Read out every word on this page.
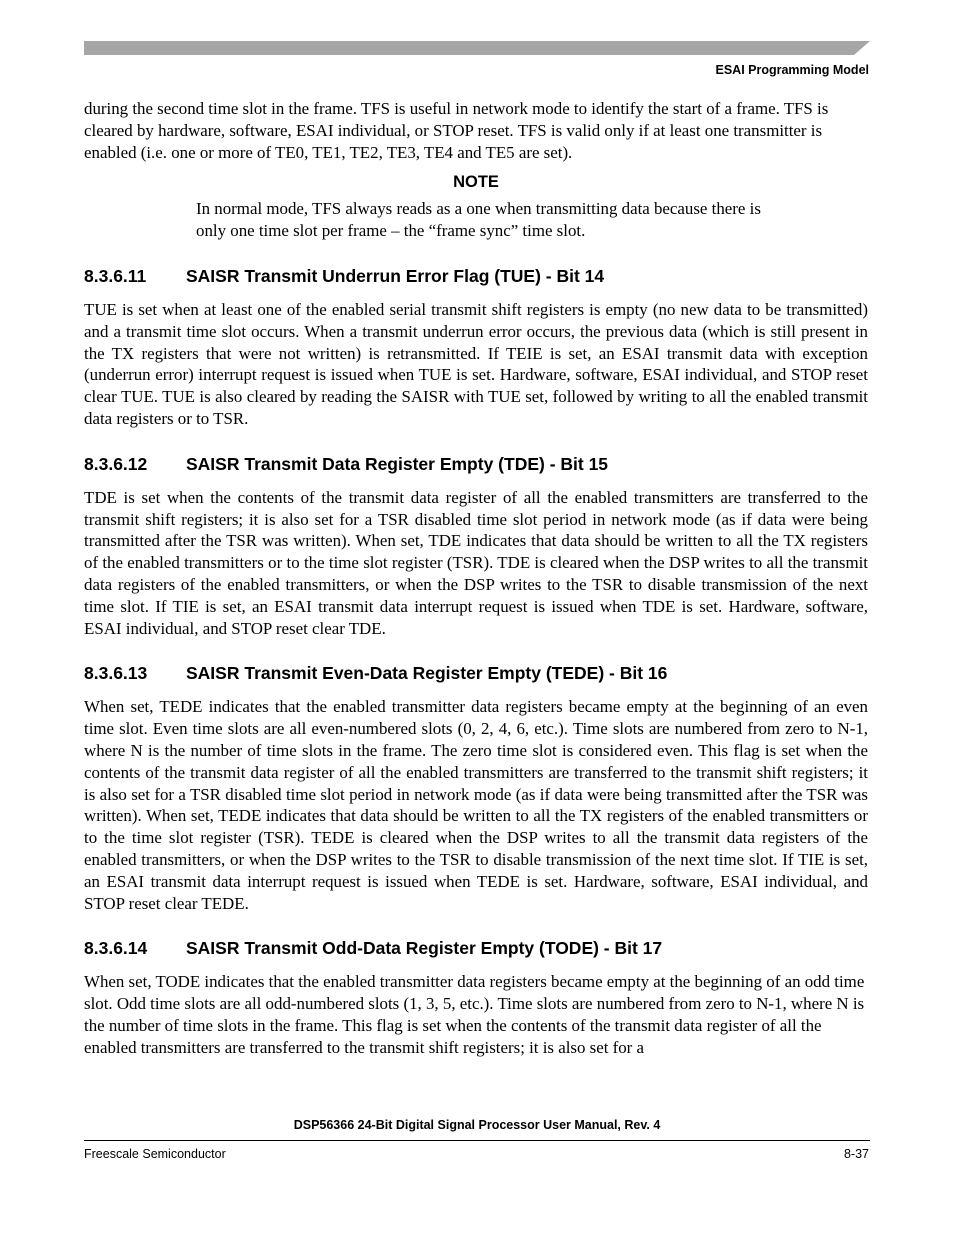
ESAI Programming Model

during the second time slot in the frame. TFS is useful in network mode to identify the start of a frame. TFS is cleared by hardware, software, ESAI individual, or STOP reset. TFS is valid only if at least one transmitter is enabled (i.e. one or more of TE0, TE1, TE2, TE3, TE4 and TE5 are set).

NOTE

In normal mode, TFS always reads as a one when transmitting data because there is only one time slot per frame – the “frame sync” time slot.

8.3.6.11 SAISR Transmit Underrun Error Flag (TUE) - Bit 14

TUE is set when at least one of the enabled serial transmit shift registers is empty (no new data to be transmitted) and a transmit time slot occurs. When a transmit underrun error occurs, the previous data (which is still present in the TX registers that were not written) is retransmitted. If TEIE is set, an ESAI transmit data with exception (underrun error) interrupt request is issued when TUE is set. Hardware, software, ESAI individual, and STOP reset clear TUE. TUE is also cleared by reading the SAISR with TUE set, followed by writing to all the enabled transmit data registers or to TSR.

8.3.6.12 SAISR Transmit Data Register Empty (TDE) - Bit 15

TDE is set when the contents of the transmit data register of all the enabled transmitters are transferred to the transmit shift registers; it is also set for a TSR disabled time slot period in network mode (as if data were being transmitted after the TSR was written). When set, TDE indicates that data should be written to all the TX registers of the enabled transmitters or to the time slot register (TSR). TDE is cleared when the DSP writes to all the transmit data registers of the enabled transmitters, or when the DSP writes to the TSR to disable transmission of the next time slot. If TIE is set, an ESAI transmit data interrupt request is issued when TDE is set. Hardware, software, ESAI individual, and STOP reset clear TDE.

8.3.6.13 SAISR Transmit Even-Data Register Empty (TEDE) - Bit 16

When set, TEDE indicates that the enabled transmitter data registers became empty at the beginning of an even time slot. Even time slots are all even-numbered slots (0, 2, 4, 6, etc.). Time slots are numbered from zero to N-1, where N is the number of time slots in the frame. The zero time slot is considered even. This flag is set when the contents of the transmit data register of all the enabled transmitters are transferred to the transmit shift registers; it is also set for a TSR disabled time slot period in network mode (as if data were being transmitted after the TSR was written). When set, TEDE indicates that data should be written to all the TX registers of the enabled transmitters or to the time slot register (TSR). TEDE is cleared when the DSP writes to all the transmit data registers of the enabled transmitters, or when the DSP writes to the TSR to disable transmission of the next time slot. If TIE is set, an ESAI transmit data interrupt request is issued when TEDE is set. Hardware, software, ESAI individual, and STOP reset clear TEDE.

8.3.6.14 SAISR Transmit Odd-Data Register Empty (TODE) - Bit 17

When set, TODE indicates that the enabled transmitter data registers became empty at the beginning of an odd time slot. Odd time slots are all odd-numbered slots (1, 3, 5, etc.). Time slots are numbered from zero to N-1, where N is the number of time slots in the frame. This flag is set when the contents of the transmit data register of all the enabled transmitters are transferred to the transmit shift registers; it is also set for a

DSP56366 24-Bit Digital Signal Processor User Manual, Rev. 4
Freescale Semiconductor	8-37
